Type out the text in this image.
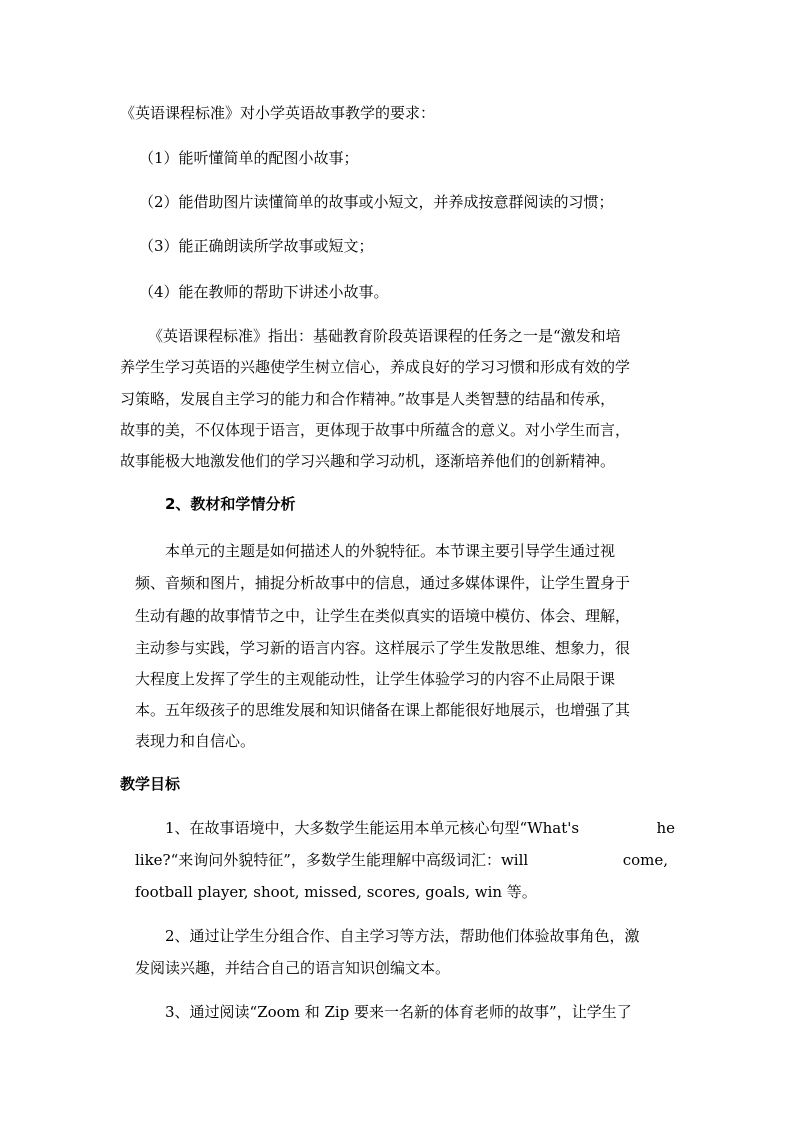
《英语课程标准》对小学英语故事教学的要求：
（1）能听懂简单的配图小故事；
（2）能借助图片读懂简单的故事或小短文，并养成按意群阅读的习惯；
（3）能正确朗读所学故事或短文；
（4）能在教师的帮助下讲述小故事。
《英语课程标准》指出：基础教育阶段英语课程的任务之一是“激发和培
养学生学习英语的兴趣使学生树立信心，养成良好的学习习惯和形成有效的学
习策略，发展自主学习的能力和合作精神。”故事是人类智慧的结晶和传承，
故事的美，不仅体现于语言，更体现于故事中所蕴含的意义。对小学生而言，
故事能极大地激发他们的学习兴趣和学习动机，逐渐培养他们的创新精神。
2、教材和学情分析
本单元的主题是如何描述人的外貌特征。本节课主要引导学生通过视
频、音频和图片，捕捉分析故事中的信息，通过多媒体课件，让学生置身于
生动有趣的故事情节之中，让学生在类似真实的语境中模仿、体会、理解，
主动参与实践，学习新的语言内容。这样展示了学生发散思维、想象力，很
大程度上发挥了学生的主观能动性，让学生体验学习的内容不止局限于课
本。五年级孩子的思维发展和知识储备在课上都能很好地展示，也增强了其
表现力和自信心。
教学目标
1、在故事语境中，大多数学生能运用本单元核心句型“What's	he
like?“来询问外貌特征”，多数学生能理解中高级词汇：will	come,
football player, shoot, missed, scores, goals, win 等。
2、通过让学生分组合作、自主学习等方法，帮助他们体验故事角色，激
发阅读兴趣，并结合自己的语言知识创编文本。
3、通过阅读“Zoom 和 Zip 要来一名新的体育老师的故事”，让学生了
